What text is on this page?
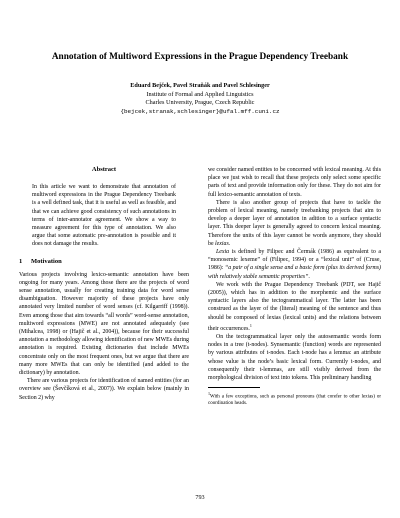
Annotation of Multiword Expressions in the Prague Dependency Treebank
Eduard Bejček, Pavel Straňák and Pavel Schlesinger
Institute of Formal and Applied Linguistics
Charles University, Prague, Czech Republic
{bejcek,stranak,schlesinger}@ufal.mff.cuni.cz
Abstract

In this article we want to demonstrate that annotation of multiword expressions in the Prague Dependency Treebank is a well defined task, that it is useful as well as feasible, and that we can achieve good consistency of such annotations in terms of inter-annotator agreement. We show a way to measure agreement for this type of annotation. We also argue that some automatic pre-annotation is possible and it does not damage the results.

1 Motivation

Various projects involving lexico-semantic annotation have been ongoing for many years. Among those there are the projects of word sense annotation, usually for creating training data for word sense disambiguation. However majority of these projects have only annotated very limited number of word senses (cf. Kilgarriff (1998)). Even among those that aim towards “all words” word-sense annotation, multiword expressions (MWE) are not annotated adequately (see (Mihalcea, 1998) or (Hajič et al., 2004)), because for their successful annotation a methodology allowing identification of new MWEs during annotation is required. Existing dictionaries that include MWEs concentrate only on the most frequent ones, but we argue that there are many more MWEs that can only be identified (and added to the dictionary) by annotation.

There are various projects for identification of named entities (for an overview see (Ševčíková et al., 2007)). We explain below (mainly in Section 2) why

we consider named entities to be concerned with lexical meaning. At this place we just wish to recall that these projects only select some specific parts of text and provide information only for these. They do not aim for full lexico-semantic annotation of texts.

There is also another group of projects that have to tackle the problem of lexical meaning, namely treebanking projects that aim to develop a deeper layer of annotation in adition to a surface syntactic layer. This deeper layer is generally agreed to concern lexical meaning. Therefore the units of this layer cannot be words anymore, they should be lexias.

Lexia is defined by Filipec and Čermák (1986) as equivalent to a “monosemic lexeme” of (Filipec, 1994) or a “lexical unit” of (Cruse, 1986): “a pair of a single sense and a basic form (plus its derived forms) with relatively stable semantic properties”.

We work with the Prague Dependency Treebank (PDT, see Hajič (2005)), which has in addition to the morphemic and the surface syntactic layers also the tectogrammatical layer. The latter has been construed as the layer of the (literal) meaning of the sentence and thus should be composed of lexias (lexical units) and the relations between their occurrences.$^1$

On the tectogrammatical layer only the autosemantic words form nodes in a tree (t-nodes). Synsemantic (function) words are represented by various attributes of t-nodes. Each t-node has a lemma: an attribute whose value is the node’s basic lexical form. Currently t-nodes, and consequently their t-lemmas, are still visibly derived from the morphological division of text into tokens. This preliminary handling

$^1$With a few exceptions, such as personal pronouns (that corefer to other lexias) or coordination heads.

793
